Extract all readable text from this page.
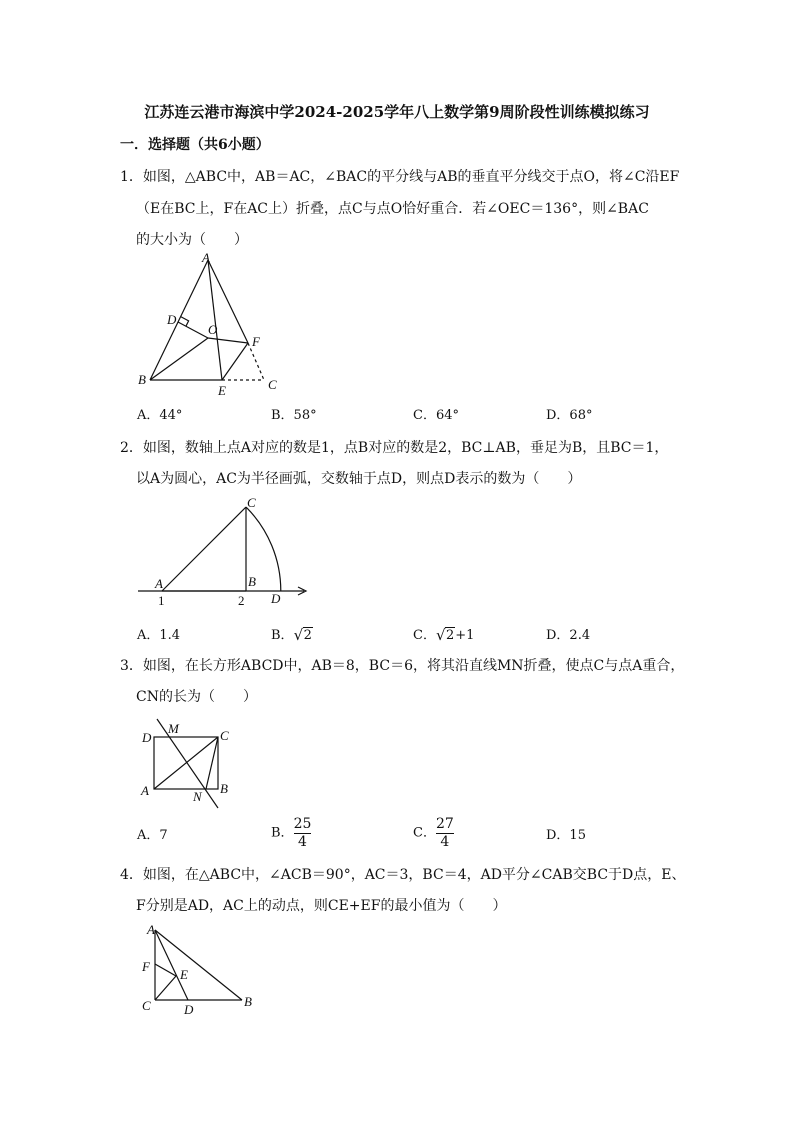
江苏连云港市海滨中学2024-2025学年八上数学第9周阶段性训练模拟练习
一．选择题（共6小题）
1．如图，△ABC中，AB＝AC，∠BAC的平分线与AB的垂直平分线交于点O，将∠C沿EF
（E在BC上，F在AC上）折叠，点C与点O恰好重合．若∠OEC＝136°，则∠BAC
的大小为（　　）
A
D
O
F
B
E	C
A．44°	B．58°	C．64°	D．68°
2．如图，数轴上点A对应的数是1，点B对应的数是2，BC⊥AB，垂足为B，且BC＝1，
以A为圆心，AC为半径画弧，交数轴于点D，则点D表示的数为（　　）
C
A	B
D
1	2
A．1.4	B． √ 2	C． √ 2+1	D．2.4
3．如图，在长方形ABCD中，AB＝8，BC＝6，将其沿直线MN折叠，使点C与点A重合，
CN的长为（　　）
D
M	C
A	N
B
A．7	B． $\frac{25}{4}$	C． $\frac{27}{4}$	D．15
4．如图，在△ABC中，∠ACB＝90°，AC＝3，BC＝4，AD平分∠CAB交BC于D点，E、
F分别是AD，AC上的动点，则CE+EF的最小值为（　　）
A
F
E
C	D
B
